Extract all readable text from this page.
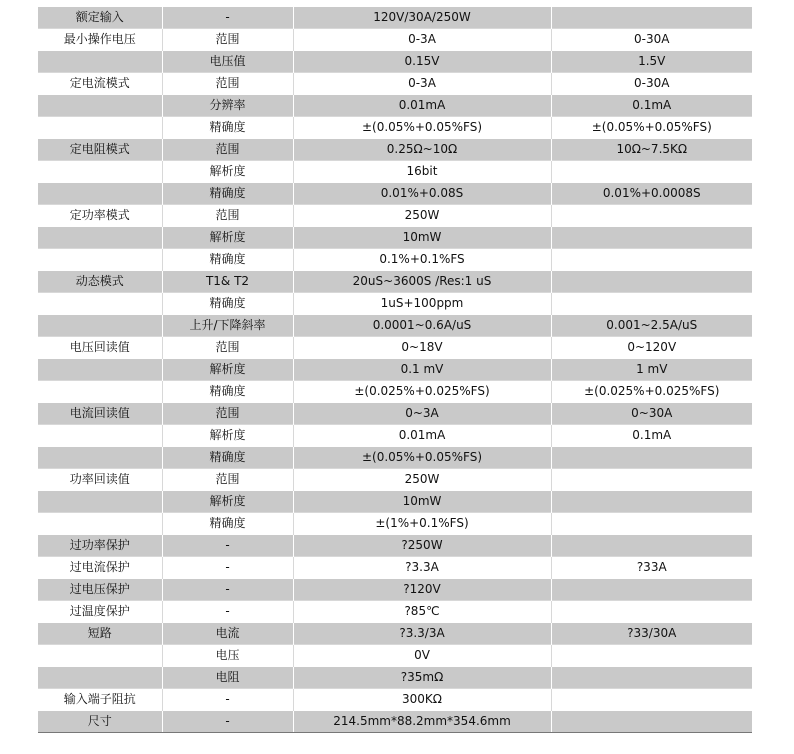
额定输入	-	120V/30A/250W	
最小操作电压	范围	0-3A	0-30A
	电压值	0.15V	1.5V
定电流模式	范围	0-3A	0-30A
	分辨率	0.01mA	0.1mA
	精确度	±(0.05%+0.05%FS)	±(0.05%+0.05%FS)
定电阻模式	范围	0.25Ω~10Ω	10Ω~7.5KΩ
	解析度	16bit	
	精确度	0.01%+0.08S	0.01%+0.0008S
定功率模式	范围	250W	
	解析度	10mW	
	精确度	0.1%+0.1%FS	
动态模式	T1& T2	20uS~3600S /Res:1 uS	
	精确度	1uS+100ppm	
	上升/下降斜率	0.0001~0.6A/uS	0.001~2.5A/uS
电压回读值	范围	0~18V	0~120V
	解析度	0.1 mV	1 mV
	精确度	±(0.025%+0.025%FS)	±(0.025%+0.025%FS)
电流回读值	范围	0~3A	0~30A
	解析度	0.01mA	0.1mA
	精确度	±(0.05%+0.05%FS)	
功率回读值	范围	250W	
	解析度	10mW	
	精确度	±(1%+0.1%FS)	
过功率保护	-	?250W	
过电流保护	-	?3.3A	?33A
过电压保护	-	?120V	
过温度保护	-	?85℃	
短路	电流	?3.3/3A	?33/30A
	电压	0V	
	电阻	?35mΩ	
输入端子阻抗	-	300KΩ	
尺寸	-	214.5mm*88.2mm*354.6mm	
